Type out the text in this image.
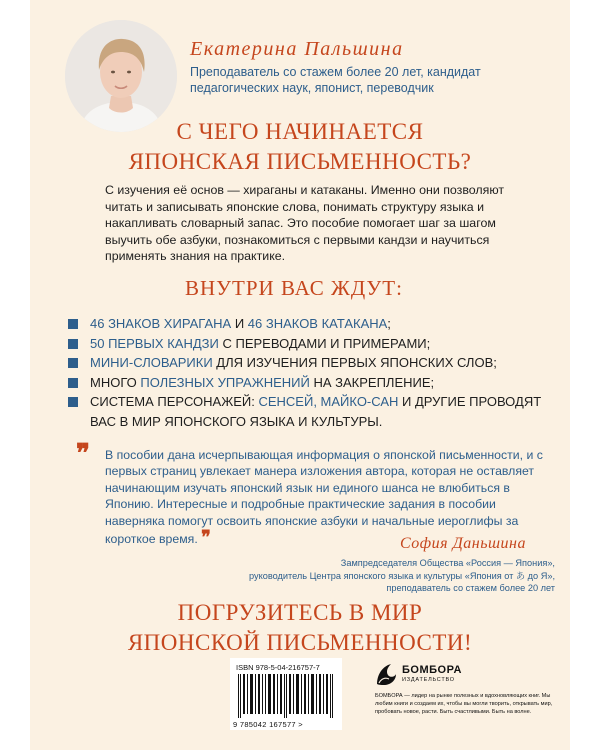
Екатерина Пальшина
Преподаватель со стажем более 20 лет, кандидат педагогических наук, японист, переводчик
С ЧЕГО НАЧИНАЕТСЯ
ЯПОНСКАЯ ПИСЬМЕННОСТЬ?
С изучения её основ — хираганы и катаканы. Именно они позволяют читать и записывать японские слова, понимать структуру языка и накапливать словарный запас. Это пособие помогает шаг за шагом выучить обе азбуки, познакомиться с первыми кандзи и научиться применять знания на практике.
ВНУТРИ ВАС ЖДУТ:
46 ЗНАКОВ ХИРАГАНА И 46 ЗНАКОВ КАТАКАНА;
50 ПЕРВЫХ КАНДЗИ С ПЕРЕВОДАМИ И ПРИМЕРАМИ;
МИНИ-СЛОВАРИКИ ДЛЯ ИЗУЧЕНИЯ ПЕРВЫХ ЯПОНСКИХ СЛОВ;
МНОГО ПОЛЕЗНЫХ УПРАЖНЕНИЙ НА ЗАКРЕПЛЕНИЕ;
СИСТЕМА ПЕРСОНАЖЕЙ: СЕНСЕЙ, МАЙКО-САН И ДРУГИЕ ПРОВОДЯТ ВАС В МИР ЯПОНСКОГО ЯЗЫКА И КУЛЬТУРЫ.
❞ В пособии дана исчерпывающая информация о японской письменности, и с первых страниц увлекает манера изложения автора, которая не оставляет начинающим изучать японский язык ни единого шанса не влюбиться в Японию. Интересные и подробные практические задания в пособии наверняка помогут освоить японские азбуки и начальные иероглифы за короткое время. ❞	София Даньшина
Зампредседателя Общества «Россия — Япония»,
руководитель Центра японского языка и культуры «Япония от あ до Я»,
преподаватель со стажем более 20 лет
ПОГРУЗИТЕСЬ В МИР
ЯПОНСКОЙ ПИСЬМЕННОСТИ!
ISBN 978-5-04-216757-7
9 785042 167577 >
БОМБОРА
ИЗДАТЕЛЬСТВО
БОМБОРА — лидер на рынке полезных и вдохновляющих книг. Мы любим книги и создаем их, чтобы вы могли творить, открывать мир, пробовать новое, расти. Быть счастливыми. Быть на волне.
